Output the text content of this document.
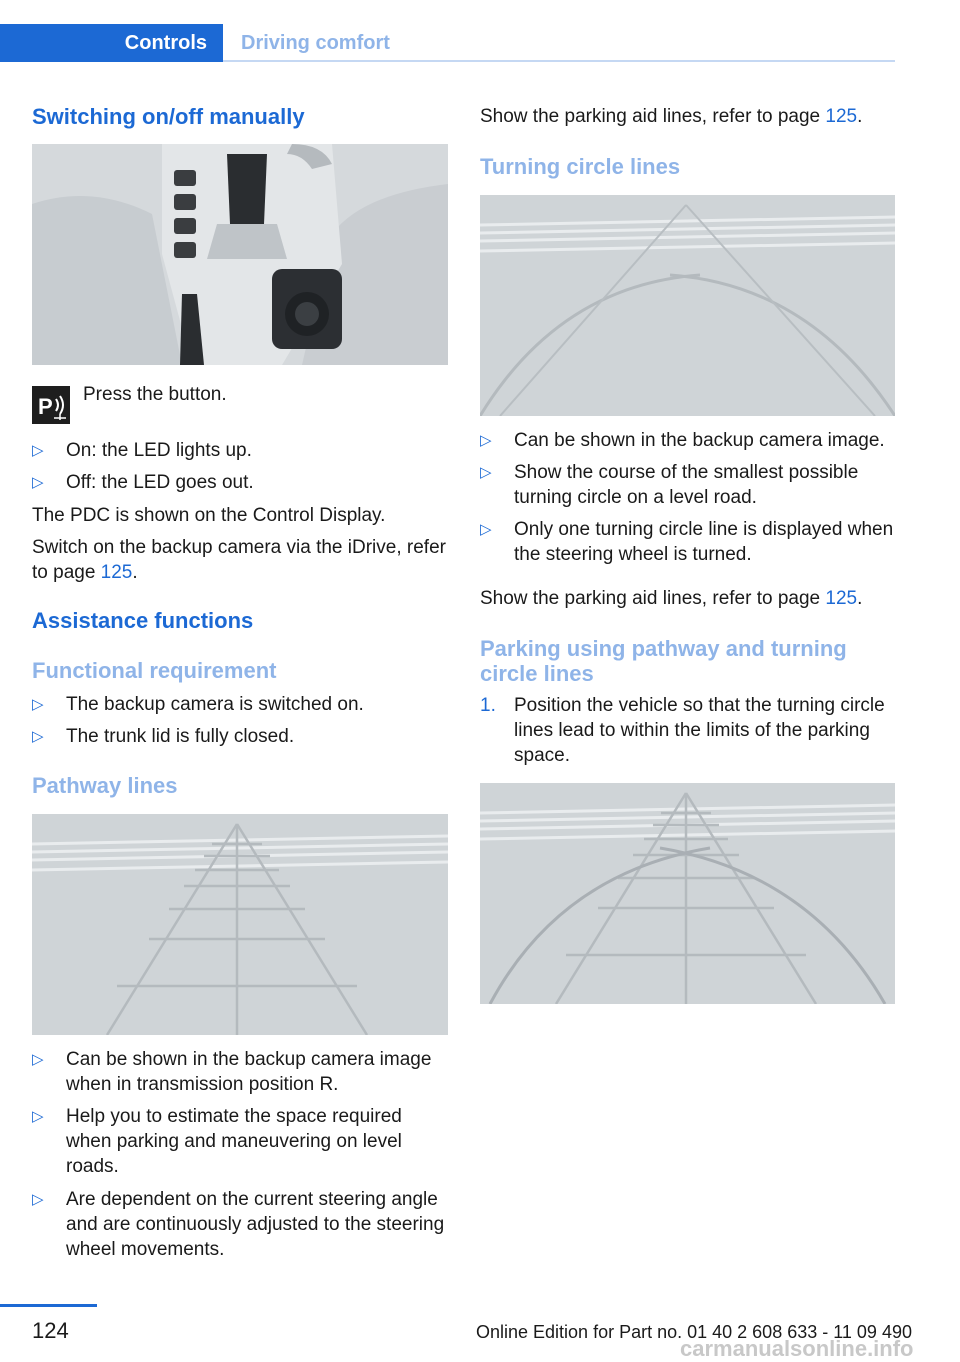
Controls	Driving comfort
Switching on/off manually
P Press the button.
▷ On: the LED lights up.
▷ Off: the LED goes out.
The PDC is shown on the Control Display.
Switch on the backup camera via the iDrive, refer
to page 125.
Assistance functions
Functional requirement
▷ The backup camera is switched on.
▷ The trunk lid is fully closed.
Pathway lines
▷ Can be shown in the backup camera image when in transmission position R.
▷ Help you to estimate the space required when parking and maneuvering on level roads.
▷ Are dependent on the current steering angle and are continuously adjusted to the steering wheel movements.
Show the parking aid lines, refer to page 125.
Turning circle lines
▷ Can be shown in the backup camera image.
▷ Show the course of the smallest possible turning circle on a level road.
▷ Only one turning circle line is displayed when the steering wheel is turned.
Show the parking aid lines, refer to page 125.
Parking using pathway and turning circle lines
1. Position the vehicle so that the turning circle lines lead to within the limits of the parking space.
124	Online Edition for Part no. 01 40 2 608 633 - 11 09 490
carmanualsonline.info
